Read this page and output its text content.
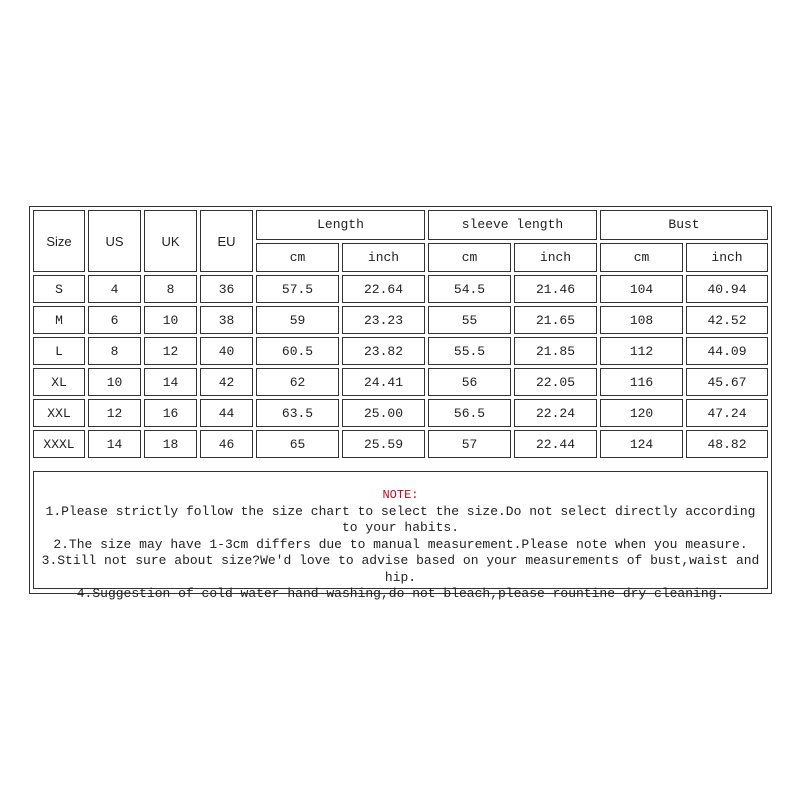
Size	US	UK	EU	Length		sleeve length		Bust	
				cm	inch	cm	inch	cm	inch
S	4	8	36	57.5	22.64	54.5	21.46	104	40.94
M	6	10	38	59	23.23	55	21.65	108	42.52
L	8	12	40	60.5	23.82	55.5	21.85	112	44.09
XL	10	14	42	62	24.41	56	22.05	116	45.67
XXL	12	16	44	63.5	25.00	56.5	22.24	120	47.24
XXXL	14	18	46	65	25.59	57	22.44	124	48.82
NOTE:

1.Please strictly follow the size chart to select the size.Do not select directly according to your habits.

2.The size may have 1-3cm differs due to manual measurement.Please note when you measure.

3.Still not sure about size?We'd love to advise based on your measurements of bust,waist and hip.

4.Suggestion of cold water hand washing,do not bleach,please rountine dry cleaning.
